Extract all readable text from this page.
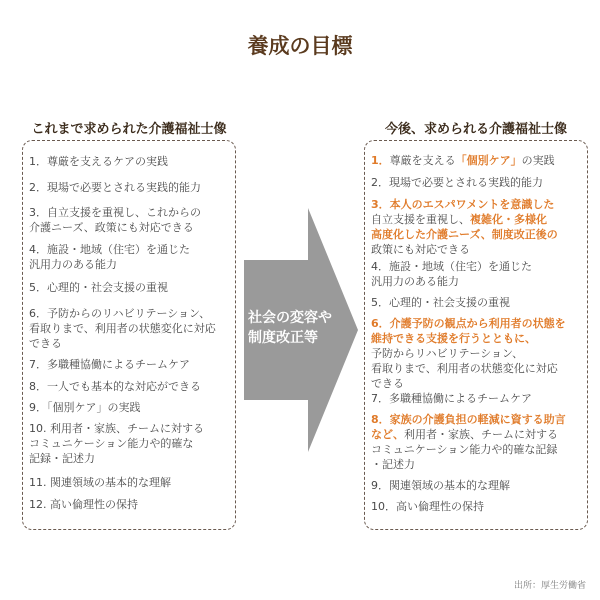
養成の目標
これまで求められた介護福祉士像
1．尊厳を支えるケアの実践
2．現場で必要とされる実践的能力
3．自立支援を重視し、これからの
介護ニーズ、政策にも対応できる
4．施設・地域（住宅）を通じた
汎用力のある能力
5．心理的・社会支援の重視
6．予防からのリハビリテーション、
看取りまで、利用者の状態変化に対応
できる
7．多職種協働によるチームケア
8．一人でも基本的な対応ができる
9．「個別ケア」の実践
10. 利用者・家族、チームに対する
コミュニケーション能力や的確な
記録・記述力
11. 関連領域の基本的な理解
12. 高い倫理性の保持
今後、求められる介護福祉士像
1．尊厳を支える「個別ケア」の実践
2．現場で必要とされる実践的能力
3．本人のエスパワメントを意識した
自立支援を重視し、複雑化・多様化
高度化した介護ニーズ、制度改正後の
政策にも対応できる
4．施設・地域（住宅）を通じた
汎用力のある能力
5．心理的・社会支援の重視
6．介護予防の観点から利用者の状態を
維持できる支援を行うとともに、
予防からリハビリテーション、
看取りまで、利用者の状態変化に対応
できる
7．多職種協働によるチームケア
8．家族の介護負担の軽減に資する助言
など、利用者・家族、チームに対する
コミュニケーション能力や的確な記録
・記述力
9．関連領域の基本的な理解
10．高い倫理性の保持
社会の変容や
制度改正等
出所：厚生労働省
